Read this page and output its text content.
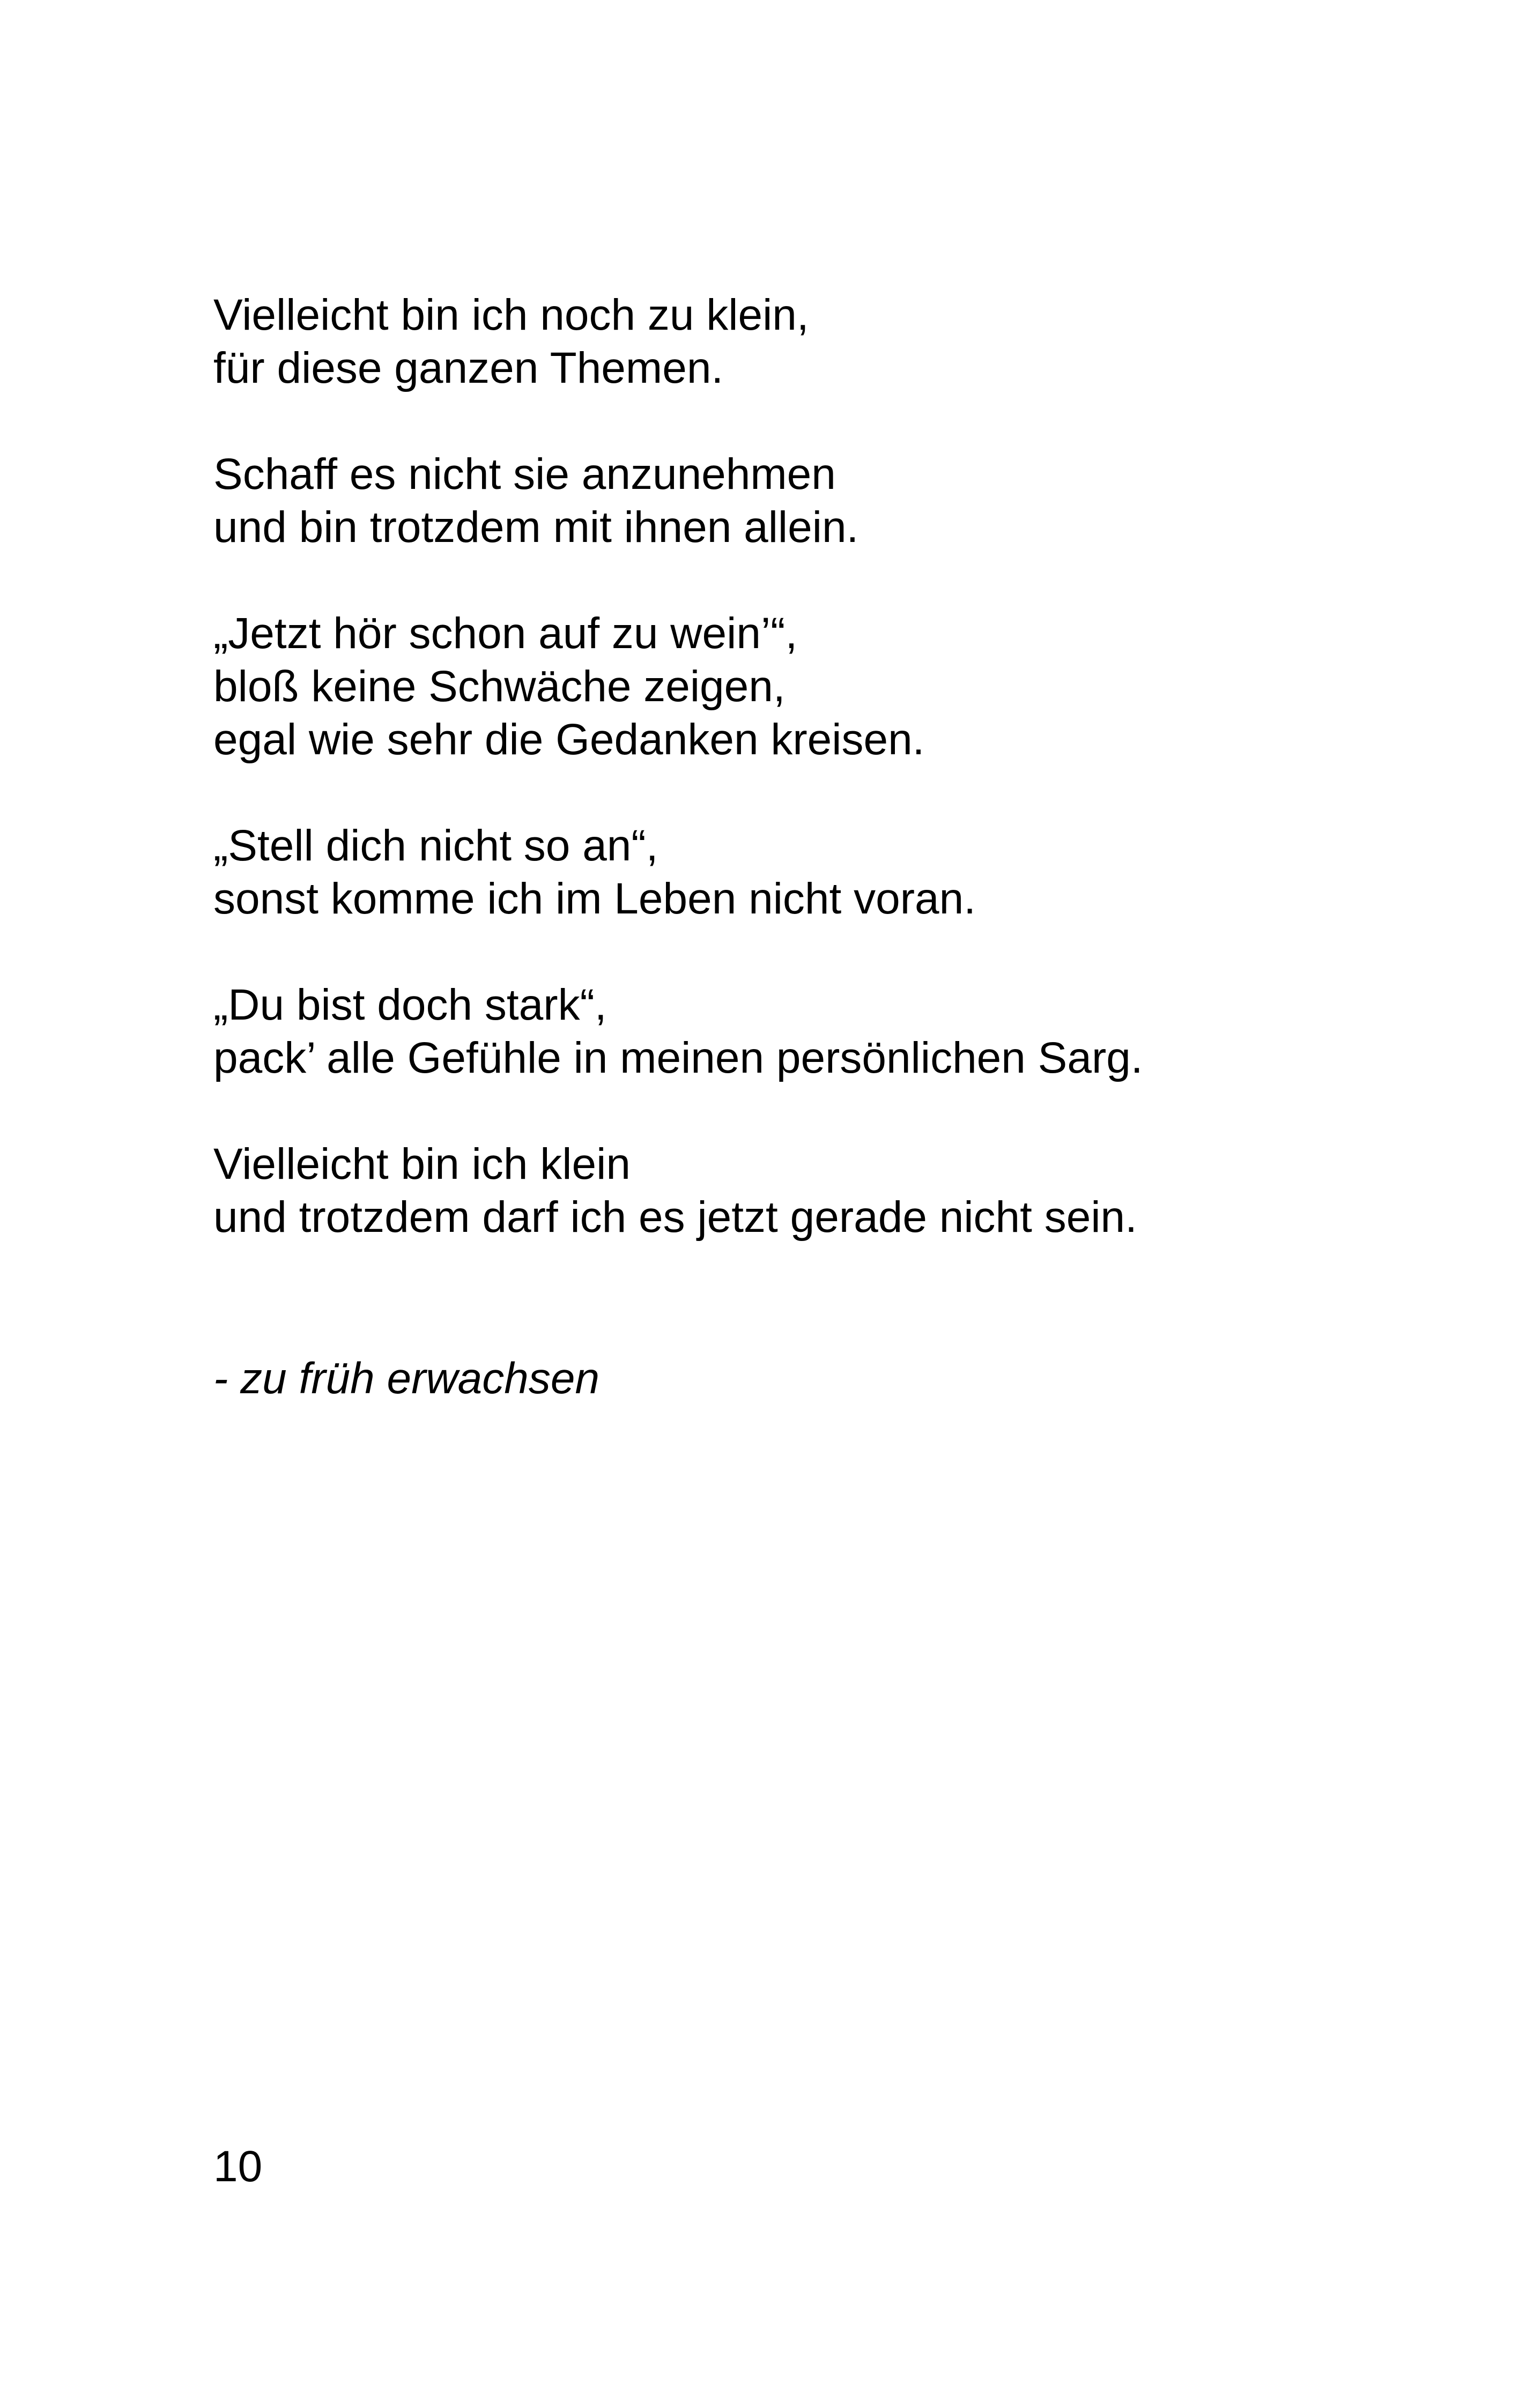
Vielleicht bin ich noch zu klein,
für diese ganzen Themen.
Schaff es nicht sie anzunehmen
und bin trotzdem mit ihnen allein.
„Jetzt hör schon auf zu wein’“,
bloß keine Schwäche zeigen,
egal wie sehr die Gedanken kreisen.
„Stell dich nicht so an“,
sonst komme ich im Leben nicht voran.
„Du bist doch stark“,
pack’ alle Gefühle in meinen persönlichen Sarg.
Vielleicht bin ich klein
und trotzdem darf ich es jetzt gerade nicht sein.
- zu früh erwachsen
10
